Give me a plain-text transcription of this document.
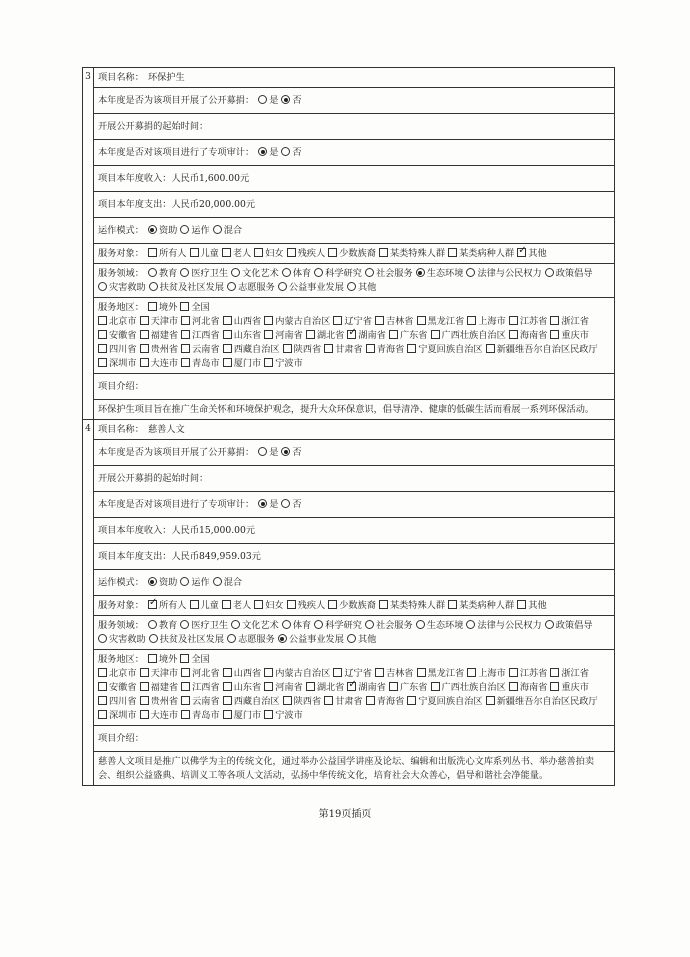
3 项目名称： 环保护生
本年度是否为该项目开展了公开募捐： 是 否
开展公开募捐的起始时间：
本年度是否对该项目进行了专项审计： 是 否
项目本年度收入：人民币1,600.00元
项目本年度支出：人民币20,000.00元
运作模式： 资助 运作 混合
服务对象： 所有人 儿童 老人 妇女 残疾人 少数族裔 某类特殊人群 某类病种人群 ✓ 其他
服务领域： 教育 医疗卫生 文化艺术 体育 科学研究 社会服务 生态环境 法律与公民权力 政策倡导灾害救助 扶贫及社区发展 志愿服务 公益事业发展 其他
服务地区： 境外 全国
北京市 天津市 河北省 山西省 内蒙古自治区 辽宁省 吉林省 黑龙江省 上海市 江苏省 浙江省安徽省 福建省 江西省 山东省 河南省 湖北省 ✓ 湖南省 广东省 广西壮族自治区 海南省 重庆市四川省 贵州省 云南省 西藏自治区 陕西省 甘肃省 青海省 宁夏回族自治区 新疆维吾尔自治区民政厅深圳市 大连市 青岛市 厦门市 宁波市
项目介绍：
环保护生项目旨在推广生命关怀和环境保护观念，提升大众环保意识，倡导清净、健康的低碳生活而看展一系列环保活动。
4 项目名称： 慈善人文
本年度是否为该项目开展了公开募捐： 是 否
开展公开募捐的起始时间：
本年度是否对该项目进行了专项审计： 是 否
项目本年度收入：人民币15,000.00元
项目本年度支出：人民币849,959.03元
运作模式： 资助 运作 混合
服务对象： ✓ 所有人 儿童 老人 妇女 残疾人 少数族裔 某类特殊人群 某类病种人群 其他
服务领域： 教育 医疗卫生 文化艺术 体育 科学研究 社会服务 生态环境 法律与公民权力 政策倡导灾害救助 扶贫及社区发展 志愿服务 公益事业发展 其他
服务地区： 境外 全国
北京市 天津市 河北省 山西省 内蒙古自治区 辽宁省 吉林省 黑龙江省 上海市 江苏省 浙江省安徽省 福建省 江西省 山东省 河南省 湖北省 ✓ 湖南省 广东省 广西壮族自治区 海南省 重庆市四川省 贵州省 云南省 西藏自治区 陕西省 甘肃省 青海省 宁夏回族自治区 新疆维吾尔自治区民政厅深圳市 大连市 青岛市 厦门市 宁波市
项目介绍：
慈善人文项目是推广以佛学为主的传统文化，通过举办公益国学讲座及论坛、编辑和出版洗心文库系列丛书、举办慈善拍卖会、组织公益盛典、培训义工等各项人文活动，弘扬中华传统文化，培育社会大众善心，倡导和谐社会净能量。
第19页插页
